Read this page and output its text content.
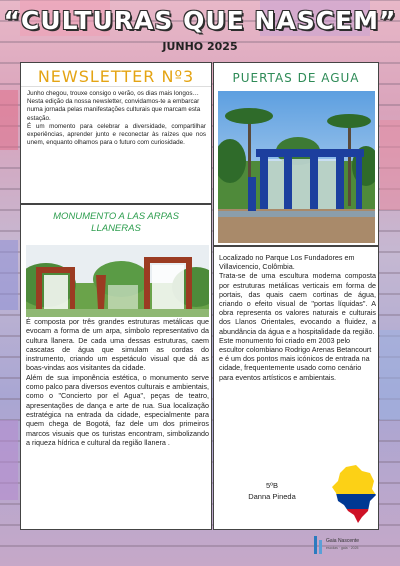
“CULTURAS QUE NASCEM”
JUNHO 2025
NEWSLETTER Nº3

Junho chegou, trouxe consigo o verão, os dias mais longos…

Nesta edição da nossa newsletter, convidamos-te a embarcar numa jornada pelas manifestações culturais que marcam esta estação.

É um momento para celebrar a diversidade, compartilhar experiências, aprender junto e reconectar às raízes que nos unem, enquanto olhamos para o futuro com curiosidade.

PUERTAS DE AGUA
MONUMENTO A LAS ARPAS
LLANERAS

É composta por três grandes estruturas metálicas que evocam a forma de um arpa, símbolo representativo da cultura llanera. De cada uma dessas estruturas, caem cascatas de água que simulam as cordas do instrumento, criando um espetáculo visual que dá as boas-vindas aos visitantes da cidade.

Além de sua imponência estética, o monumento serve como palco para diversos eventos culturais e ambientais, como o "Concierto por el Agua", peças de teatro, apresentações de dança e arte de rua. Sua localização estratégica na entrada da cidade, especialmente para quem chega de Bogotá, faz dele um dos primeiros marcos visuais que os turistas encontram, simbolizando a riqueza hídrica e cultural da região llanera .

Localizado no Parque Los Fundadores em Villavicencio, Colômbia.

Trata-se de uma escultura moderna composta por estruturas metálicas verticais em forma de portais, das quais caem cortinas de água, criando o efeito visual de "portas líquidas". A obra representa os valores naturais e culturais dos Llanos Orientales, evocando a fluidez, a abundância da água e a hospitalidade da região.

Este monumento foi criado em 2003 pelo escultor colombiano Rodrigo Arenas Betancourt e é um dos pontos mais icónicos de entrada na cidade, frequentemente usado como cenário para eventos artísticos e ambientais.

5ºB
Danna Pineda
Gaia Nascente
escolas · gaia · 2025
